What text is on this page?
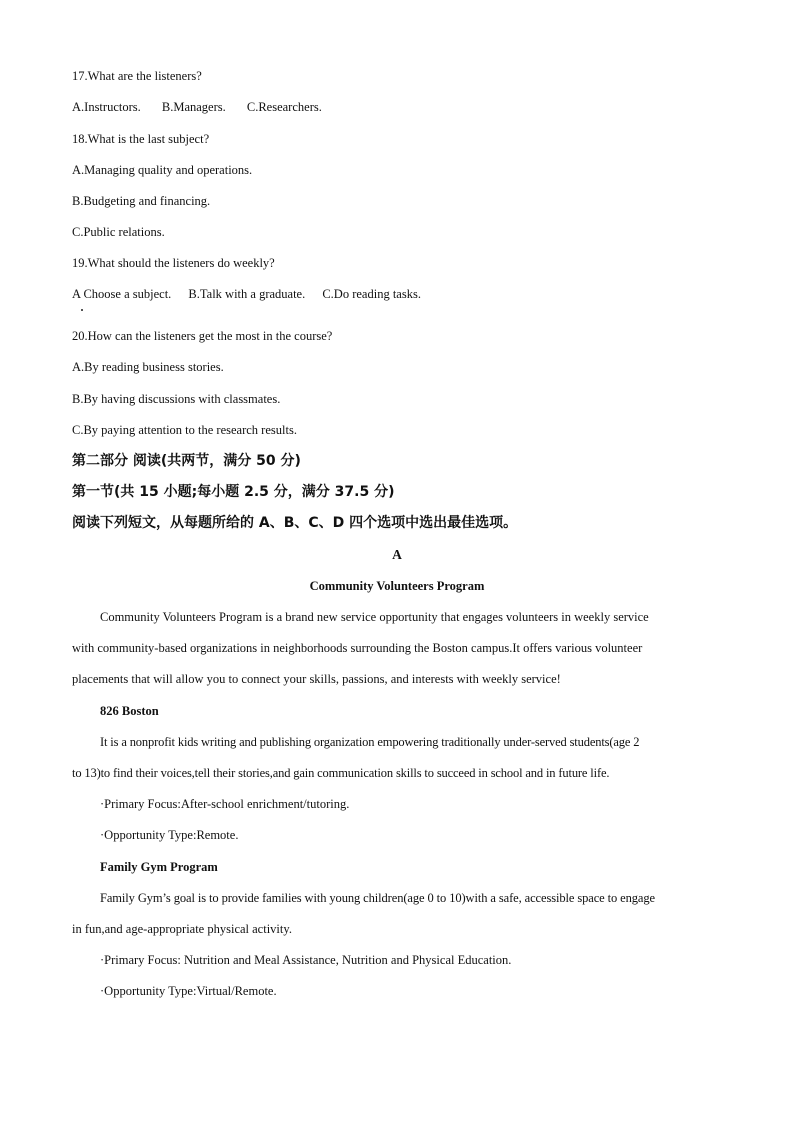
17.What are the listeners?
A.Instructors. B.Managers. C.Researchers.
18.What is the last subject?
A.Managing quality and operations.
B.Budgeting and financing.
C.Public relations.
19.What should the listeners do weekly?
A Choose a subject. B.Talk with a graduate. C.Do reading tasks.
20.How can the listeners get the most in the course?
A.By reading business stories.
B.By having discussions with classmates.
C.By paying attention to the research results.
第二部分 阅读(共两节，满分 50 分)
第一节(共 15 小题;每小题 2.5 分，满分 37.5 分)
阅读下列短文，从每题所给的 A、B、C、D 四个选项中选出最佳选项。
A
Community Volunteers Program
Community Volunteers Program is a brand new service opportunity that engages volunteers in weekly service
with community-based organizations in neighborhoods surrounding the Boston campus.It offers various volunteer
placements that will allow you to connect your skills, passions, and interests with weekly service!
826 Boston
It is a nonprofit kids writing and publishing organization empowering traditionally under-served students(age 2
to 13)to find their voices,tell their stories,and gain communication skills to succeed in school and in future life.
·Primary Focus:After-school enrichment/tutoring.
·Opportunity Type:Remote.
Family Gym Program
Family Gym’s goal is to provide families with young children(age 0 to 10)with a safe, accessible space to engage
in fun,and age-appropriate physical activity.
·Primary Focus: Nutrition and Meal Assistance, Nutrition and Physical Education.
·Opportunity Type:Virtual/Remote.
